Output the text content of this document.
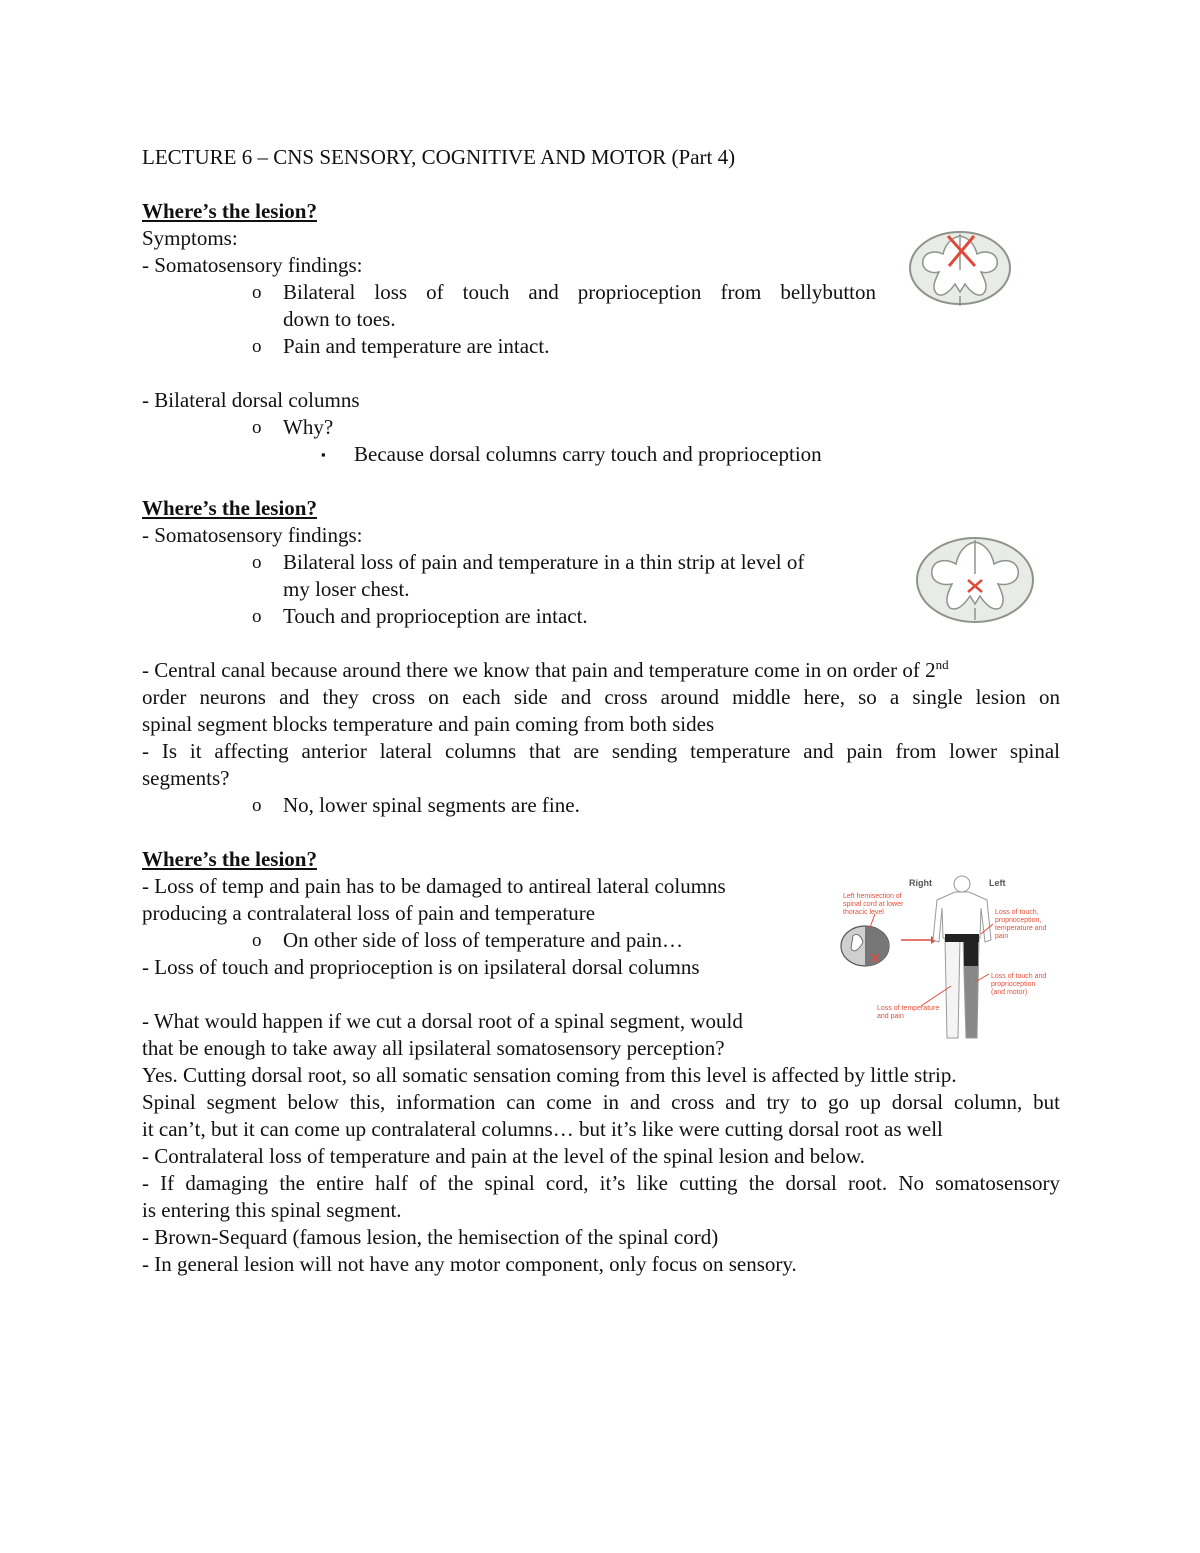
LECTURE 6 – CNS SENSORY, COGNITIVE AND MOTOR (Part 4)

Where’s the lesion?

Symptoms:

- Somatosensory findings:

o Bilateral loss of touch and proprioception from bellybutton

down to toes.

o Pain and temperature are intact.

- Bilateral dorsal columns

o Why?

▪ Because dorsal columns carry touch and proprioception

Where’s the lesion?

- Somatosensory findings:

o Bilateral loss of pain and temperature in a thin strip at level of

my loser chest.

o Touch and proprioception are intact.

- Central canal because around there we know that pain and temperature come in on order of 2nd

order neurons and they cross on each side and cross around middle here, so a single lesion on

spinal segment blocks temperature and pain coming from both sides

- Is it affecting anterior lateral columns that are sending temperature and pain from lower spinal

segments?

o No, lower spinal segments are fine.

Where’s the lesion?

- Loss of temp and pain has to be damaged to antireal lateral columns

producing a contralateral loss of pain and temperature

o On other side of loss of temperature and pain…

- Loss of touch and proprioception is on ipsilateral dorsal columns

- What would happen if we cut a dorsal root of a spinal segment, would

that be enough to take away all ipsilateral somatosensory perception?

Yes. Cutting dorsal root, so all somatic sensation coming from this level is affected by little strip.

Spinal segment below this, information can come in and cross and try to go up dorsal column, but

it can’t, but it can come up contralateral columns… but it’s like were cutting dorsal root as well

- Contralateral loss of temperature and pain at the level of the spinal lesion and below.

- If damaging the entire half of the spinal cord, it’s like cutting the dorsal root. No somatosensory

is entering this spinal segment.

- Brown-Sequard (famous lesion, the hemisection of the spinal cord)

- In general lesion will not have any motor component, only focus on sensory.

Left hemisection of spinal cord at lower thoracic level	Loss of touch, proprioception, temperature and pain
Loss of touch and proprioception (and motor)
Loss of temperature and pain
Right	Left
